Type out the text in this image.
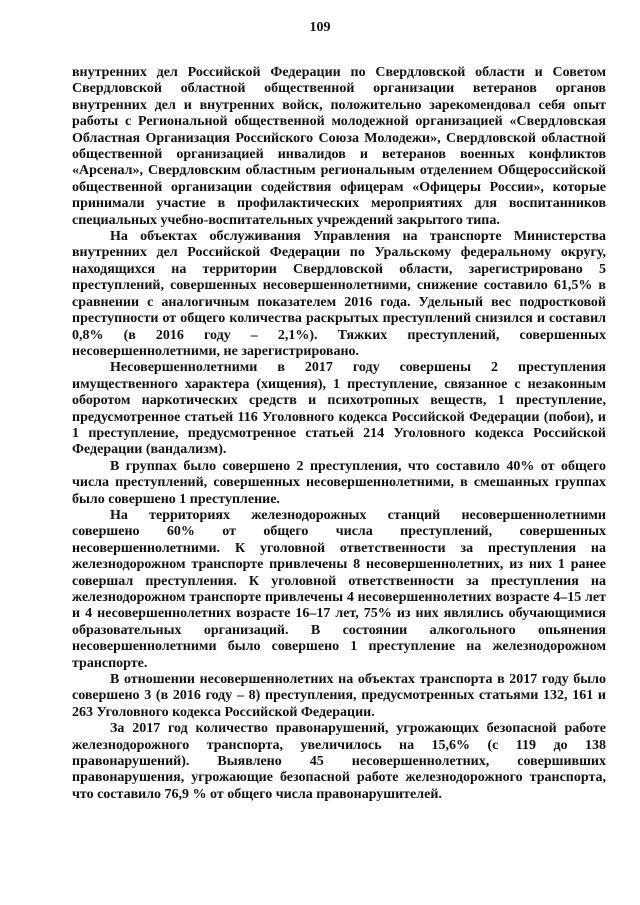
109

внутренних дел Российской Федерации по Свердловской области и Советом Свердловской областной общественной организации ветеранов органов внутренних дел и внутренних войск, положительно зарекомендовал себя опыт работы с Региональной общественной молодежной организацией «Свердловская Областная Организация Российского Союза Молодежи», Свердловской областной общественной организацией инвалидов и ветеранов военных конфликтов «Арсенал», Свердловским областным региональным отделением Общероссийской общественной организации содействия офицерам «Офицеры России», которые принимали участие в профилактических мероприятиях для воспитанников специальных учебно-воспитательных учреждений закрытого типа.

На объектах обслуживания Управления на транспорте Министерства внутренних дел Российской Федерации по Уральскому федеральному округу, находящихся на территории Свердловской области, зарегистрировано 5 преступлений, совершенных несовершеннолетними, снижение составило 61,5% в сравнении с аналогичным показателем 2016 года. Удельный вес подростковой преступности от общего количества раскрытых преступлений снизился и составил 0,8% (в 2016 году – 2,1%). Тяжких преступлений, совершенных несовершеннолетними, не зарегистрировано.

Несовершеннолетними в 2017 году совершены 2 преступления имущественного характера (хищения), 1 преступление, связанное с незаконным оборотом наркотических средств и психотропных веществ, 1 преступление, предусмотренное статьей 116 Уголовного кодекса Российской Федерации (побои), и 1 преступление, предусмотренное статьей 214 Уголовного кодекса Российской Федерации (вандализм).

В группах было совершено 2 преступления, что составило 40% от общего числа преступлений, совершенных несовершеннолетними, в смешанных группах было совершено 1 преступление.

На территориях железнодорожных станций несовершеннолетними совершено 60% от общего числа преступлений, совершенных несовершеннолетними. К уголовной ответственности за преступления на железнодорожном транспорте привлечены 8 несовершеннолетних, из них 1 ранее совершал преступления. К уголовной ответственности за преступления на железнодорожном транспорте привлечены 4 несовершеннолетних возрасте 4–15 лет и 4 несовершеннолетних возрасте 16–17 лет, 75% из них являлись обучающимися образовательных организаций. В состоянии алкогольного опьянения несовершеннолетними было совершено 1 преступление на железнодорожном транспорте.

В отношении несовершеннолетних на объектах транспорта в 2017 году было совершено 3 (в 2016 году – 8) преступления, предусмотренных статьями 132, 161 и 263 Уголовного кодекса Российской Федерации.

За 2017 год количество правонарушений, угрожающих безопасной работе железнодорожного транспорта, увеличилось на 15,6% (с 119 до 138 правонарушений). Выявлено 45 несовершеннолетних, совершивших правонарушения, угрожающие безопасной работе железнодорожного транспорта, что составило 76,9 % от общего числа правонарушителей.
